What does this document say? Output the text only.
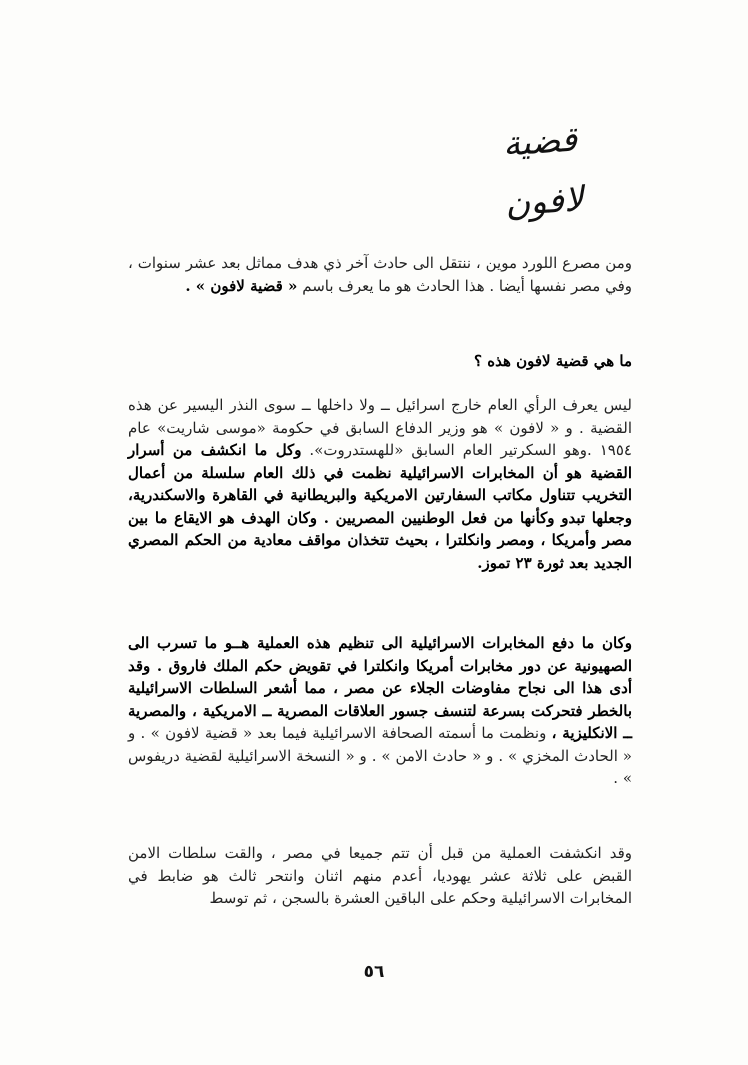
قضية لافون

ومن مصرع اللورد موين ، ننتقل الى حادث آخر ذي هدف مماثل بعد عشر سنوات ، وفي مصر نفسها أيضا . هذا الحادث هو ما يعرف باسم « قضية لافون » .

ما هي قضية لافون هذه ؟

ليس يعرف الرأي العام خارج اسرائيل ــ ولا داخلها ــ سوى النذر اليسير عن هذه القضية . و « لافون » هو وزير الدفاع السابق في حكومة «موسى شاريت» عام ١٩٥٤ .وهو السكرتير العام السابق «للهستدروت». وكل ما انكشف من أسرار القضية هو أن المخابرات الاسرائيلية نظمت في ذلك العام سلسلة من أعمال التخريب تتناول مكاتب السفارتين الامريكية والبريطانية في القاهرة والاسكندرية، وجعلها تبدو وكأنها من فعل الوطنيين المصريين . وكان الهدف هو الايقاع ما بين مصر وأمريكا ، ومصر وانكلترا ، بحيث تتخذان مواقف معادية من الحكم المصري الجديد بعد ثورة ٢٣ تموز.

وكان ما دفع المخابرات الاسرائيلية الى تنظيم هذه العملية هــو ما تسرب الى الصهيونية عن دور مخابرات أمريكا وانكلترا في تقويض حكم الملك فاروق . وقد أدى هذا الى نجاح مفاوضات الجلاء عن مصر ، مما أشعر السلطات الاسرائيلية بالخطر فتحركت بسرعة لتنسف جسور العلاقات المصرية ــ الامريكية ، والمصرية ــ الانكليزية ، ونظمت ما أسمته الصحافة الاسرائيلية فيما بعد « قضية لافون » . و « الحادث المخزي » . و « حادث الامن » . و « النسخة الاسرائيلية لقضية دريفوس » .

وقد انكشفت العملية من قبل أن تتم جميعا في مصر ، والقت سلطات الامن القبض على ثلاثة عشر يهوديا، أعدم منهم اثنان وانتحر ثالث هو ضابط في المخابرات الاسرائيلية وحكم على الباقين العشرة بالسجن ، ثم توسط

٥٦
